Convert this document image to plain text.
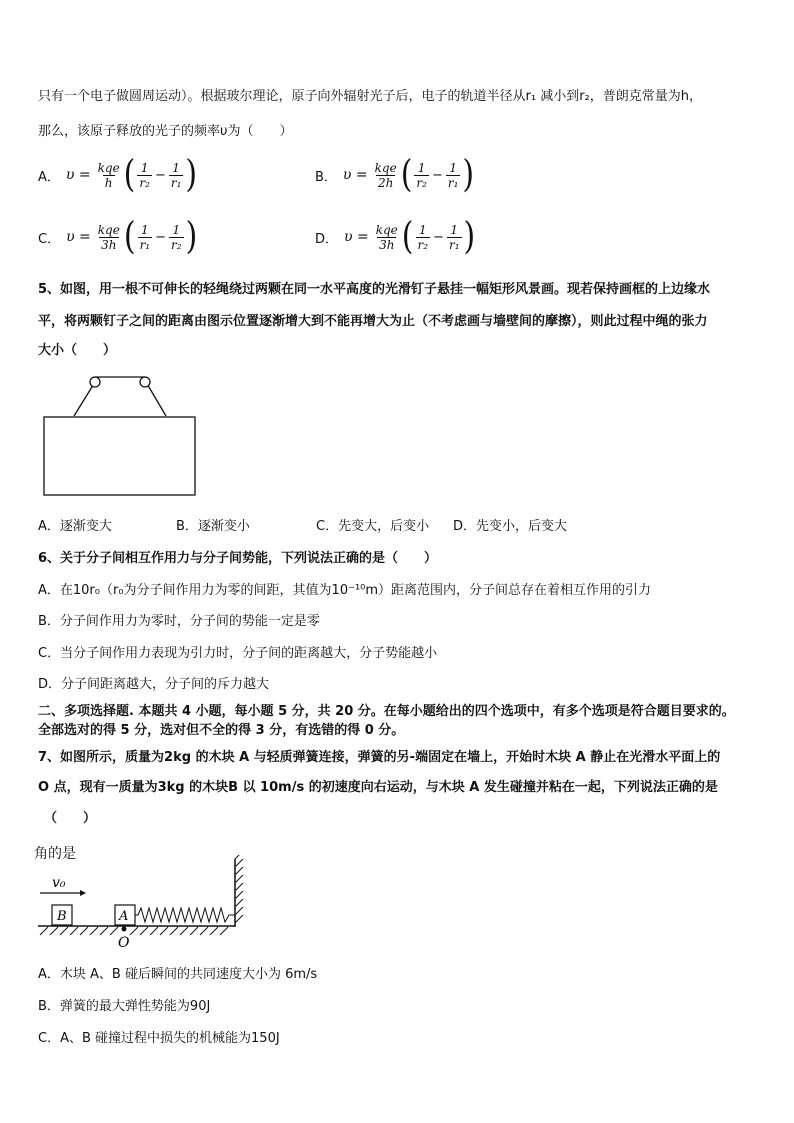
只有一个电子做圆周运动）。根据玻尔理论，原子向外辐射光子后，电子的轨道半径从r₁ 减小到r₂，普朗克常量为h，
那么，该原子释放的光子的频率υ为（　　）
A． $\upsilon = \frac{\text{kqe}}{h}$ ( $\frac{1}{\text{r₂}} - \frac{1}{\text{r₁}}$ )	B． $\upsilon = \frac{\text{kqe}}{2h}$ ( $\frac{1}{\text{r₂}} - \frac{1}{\text{r₁}}$ )
C． $\upsilon = \frac{\text{kqe}}{3h}$ ( $\frac{1}{\text{r₁}} - \frac{1}{\text{r₂}}$ )	D． $\upsilon = \frac{\text{kqe}}{3h}$ ( $\frac{1}{\text{r₂}} - \frac{1}{\text{r₁}}$ )
5、如图，用一根不可伸长的轻绳绕过两颗在同一水平高度的光滑钉子悬挂一幅矩形风景画。现若保持画框的上边缘水
平，将两颗钉子之间的距离由图示位置逐渐增大到不能再增大为止（不考虑画与墙壁间的摩擦），则此过程中绳的张力
大小（　　）
A．逐渐变大	B．逐渐变小	C．先变大，后变小 D．先变小，后变大
6、关于分子间相互作用力与分子间势能，下列说法正确的是（　　）
A．在10r₀（r₀为分子间作用力为零的间距，其值为10⁻¹⁰m）距离范围内，分子间总存在着相互作用的引力
B．分子间作用力为零时，分子间的势能一定是零
C．当分子间作用力表现为引力时，分子间的距离越大，分子势能越小
D．分子间距离越大，分子间的斥力越大
二、多项选择题. 本题共 4 小题，每小题 5 分，共 20 分。在每小题给出的四个选项中，有多个选项是符合题目要求的。
全部选对的得 5 分，选对但不全的得 3 分，有选错的得 0 分。
7、如图所示，质量为2kg 的木块 A 与轻质弹簧连接，弹簧的另-端固定在墙上，开始时木块 A 静止在光滑水平面上的
O 点，现有一质量为3kg 的木块B 以 10m/s 的初速度向右运动，与木块 A 发生碰撞并粘在一起，下列说法正确的是
（　　）
角的是
v₀
B	A
O
A．木块 A、B 碰后瞬间的共同速度大小为 6m/s
B．弹簧的最大弹性势能为90J
C．A、B 碰撞过程中损失的机械能为150J
